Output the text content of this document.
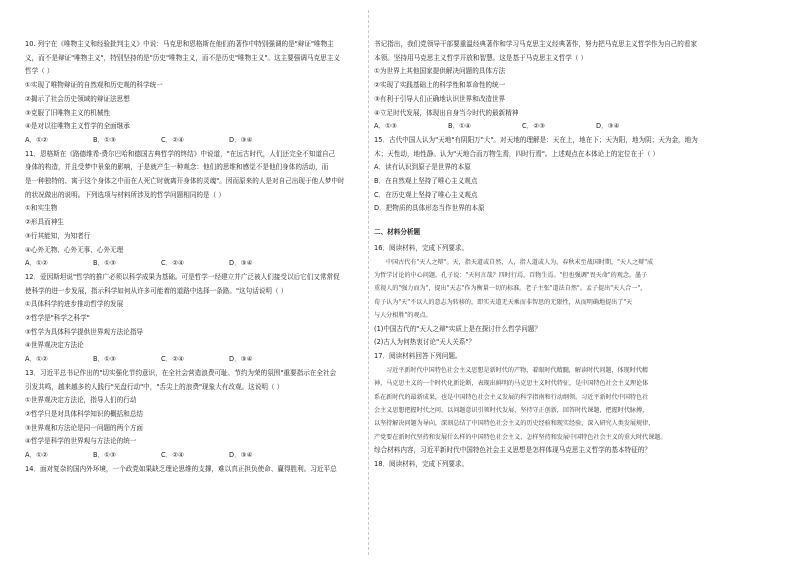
10. 列宁在《唯物主义和经验批判主义》中说：马克思和恩格斯在他们的著作中特别强调的是"辩证"唯物主
义，而不是辩证"唯物主义"，特别坚持的是"历史"唯物主义，而不是历史"唯物主义"。这主要强调马克思主义
哲学（ ）
①实现了唯物辩证的自然观和历史观的科学统一
②揭示了社会历史领域的辩证法思想
③克服了旧唯物主义的机械性
④是对以往唯物主义哲学的全面继承
A．①②	B．①③	C．②④	D．③④
11．恩格斯在《路德维希·费尔巴哈和德国古典哲学的终结》中说道，"在远古时代，人们还完全不知道自己
身体的构造，并且受梦中景象的影响，于是就产生一种观念：他们的思维和感觉不是他们身体的活动，而
是一种独特的、寓于这个身体之中而在人死亡时就离开身体的灵魂"。因而原来的人是对自己出现于他人梦中时
的状况做出的说明。下列选项与材料所涉及的哲学问题相同的是（ ）
①和实生物
②形具而神生
③行其能知，为知者行
④心外无物、心外无事、心外无理
A．①②	B．①③	C．②④	D．③④
12．爱因斯坦说"哲学的推广必须以科学成果为基础。可是哲学一经建立并广泛被人们接受以后它们又常常促
使科学的进一步发展，指示科学如何从许多可能着的道路中选择一条路。"这句话说明（ ）
①具体科学的进步推动哲学的发展
②哲学是"科学之科学"
③哲学为具体科学提供世界观方法论指导
④世界观决定方法论
A．①②	B．①③	C．②④	D．③④
13．习近平总书记作出的"切实强化节约意识，在全社会营造浪费可耻、节约为荣的氛围"重要指示在全社会
引发共鸣，越来越多的人践行"光盘行动"中，"舌尖上的浪费"现象大有改观。这说明（ ）
①世界观决定方法论，指导人们的行动
②哲学只是对具体科学知识的概括和总结
③世界观和方法论是同一问题的两个方面
④哲学是科学的世界观与方法论的统一
A．①②	B．①③	C．②④	D．③④
14．面对复杂的国内外环境，一个政党如果缺乏理论思维的支撑，难以真正担负使命、赢得胜利。习近平总
书记指出，我们党领导干部要重温经典著作和学习马克思主义经典著作，努力把马克思主义哲学作为自己的看家
本领。坚持用马克思主义哲学开放和智慧。这是基于马克思主义哲学（ ）
①为世界上其他国家提供解决问题的具体方法
②实现了实践基础上的科学性和革命性的统一
③有利于引导人们正确地认识世界和改造世界
④立足时代发展，体现出自身当今时代的最新精神
A．①③	B．①④	C．②③	D．③④
15．古代中国人认为"天地"有阴阳万"大"。对天地的理解是：天在上，地在下；天为阳，地为阴；天为金，地为
木；天性动，地性静。认为"天地合而万物生焉，四时行焉"。上述观点在本体论上的定位在于（ ）
A．读有认识到原子是世界的本原
B．在自然观上坚持了唯心主义观点
C．在历史观上坚持了唯心主义观点
D．把物质的具体形态当作世界的本原
二、材料分析题
16．阅读材料，完成下列要求。
中国古代有"天人之辩"。天，指天道或自然，人，指人道或人为。春秋末至战国时期，"天人之辩"成
为哲学讨论的中心问题。孔子说："天何言哉？四时行焉，百物生焉。"但也强调"畏天命"的观念。墨子
重视人的"强力而为"，提出"天志"作为衡量一切的标准。老子主张"道法自然"。孟子提出"天人合一"，
荀子认为"天"不以人的意志为转移的，即实天道无天乘而非智思的无限性，从而明确地提出了"天
与人分相胜"的观点。
(1)中国古代的"天人之辩"实质上是在探讨什么哲学问题？
(2)古人为何热衷讨论"天人关系"？
17．阅读材料回答下列问题。
习近平新时代中国特色社会主义思想是新时代的产物，着眼时代精髓，解读时代问题，体现时代精
神，马克思主义的一个时代化新论断，表现出鲜明的马克思主义时代特征，是中国特色社会主义理论体
系在新时代的最新成果，也是中国特色社会主义发展的科学指南和行动纲领。习近平新时代中国特色社
会主义思想把握时代之问，以问题意识引领时代发展，坚持守正创新，回答时代课题，把握时代脉搏，
以坚持解决问题为导向，深刻总结了中国特色社会主义的历史经验和现实经验，深入研究人类发展规律，
产党要在新时代坚持和发展什么样的中国特色社会主义、怎样坚持和发展中国特色社会主义的重大时代课题。
综合材料内容，习近平新时代中国特色社会主义思想是怎样体现马克思主义哲学的基本特征的？
18．阅读材料，完成下列要求。
